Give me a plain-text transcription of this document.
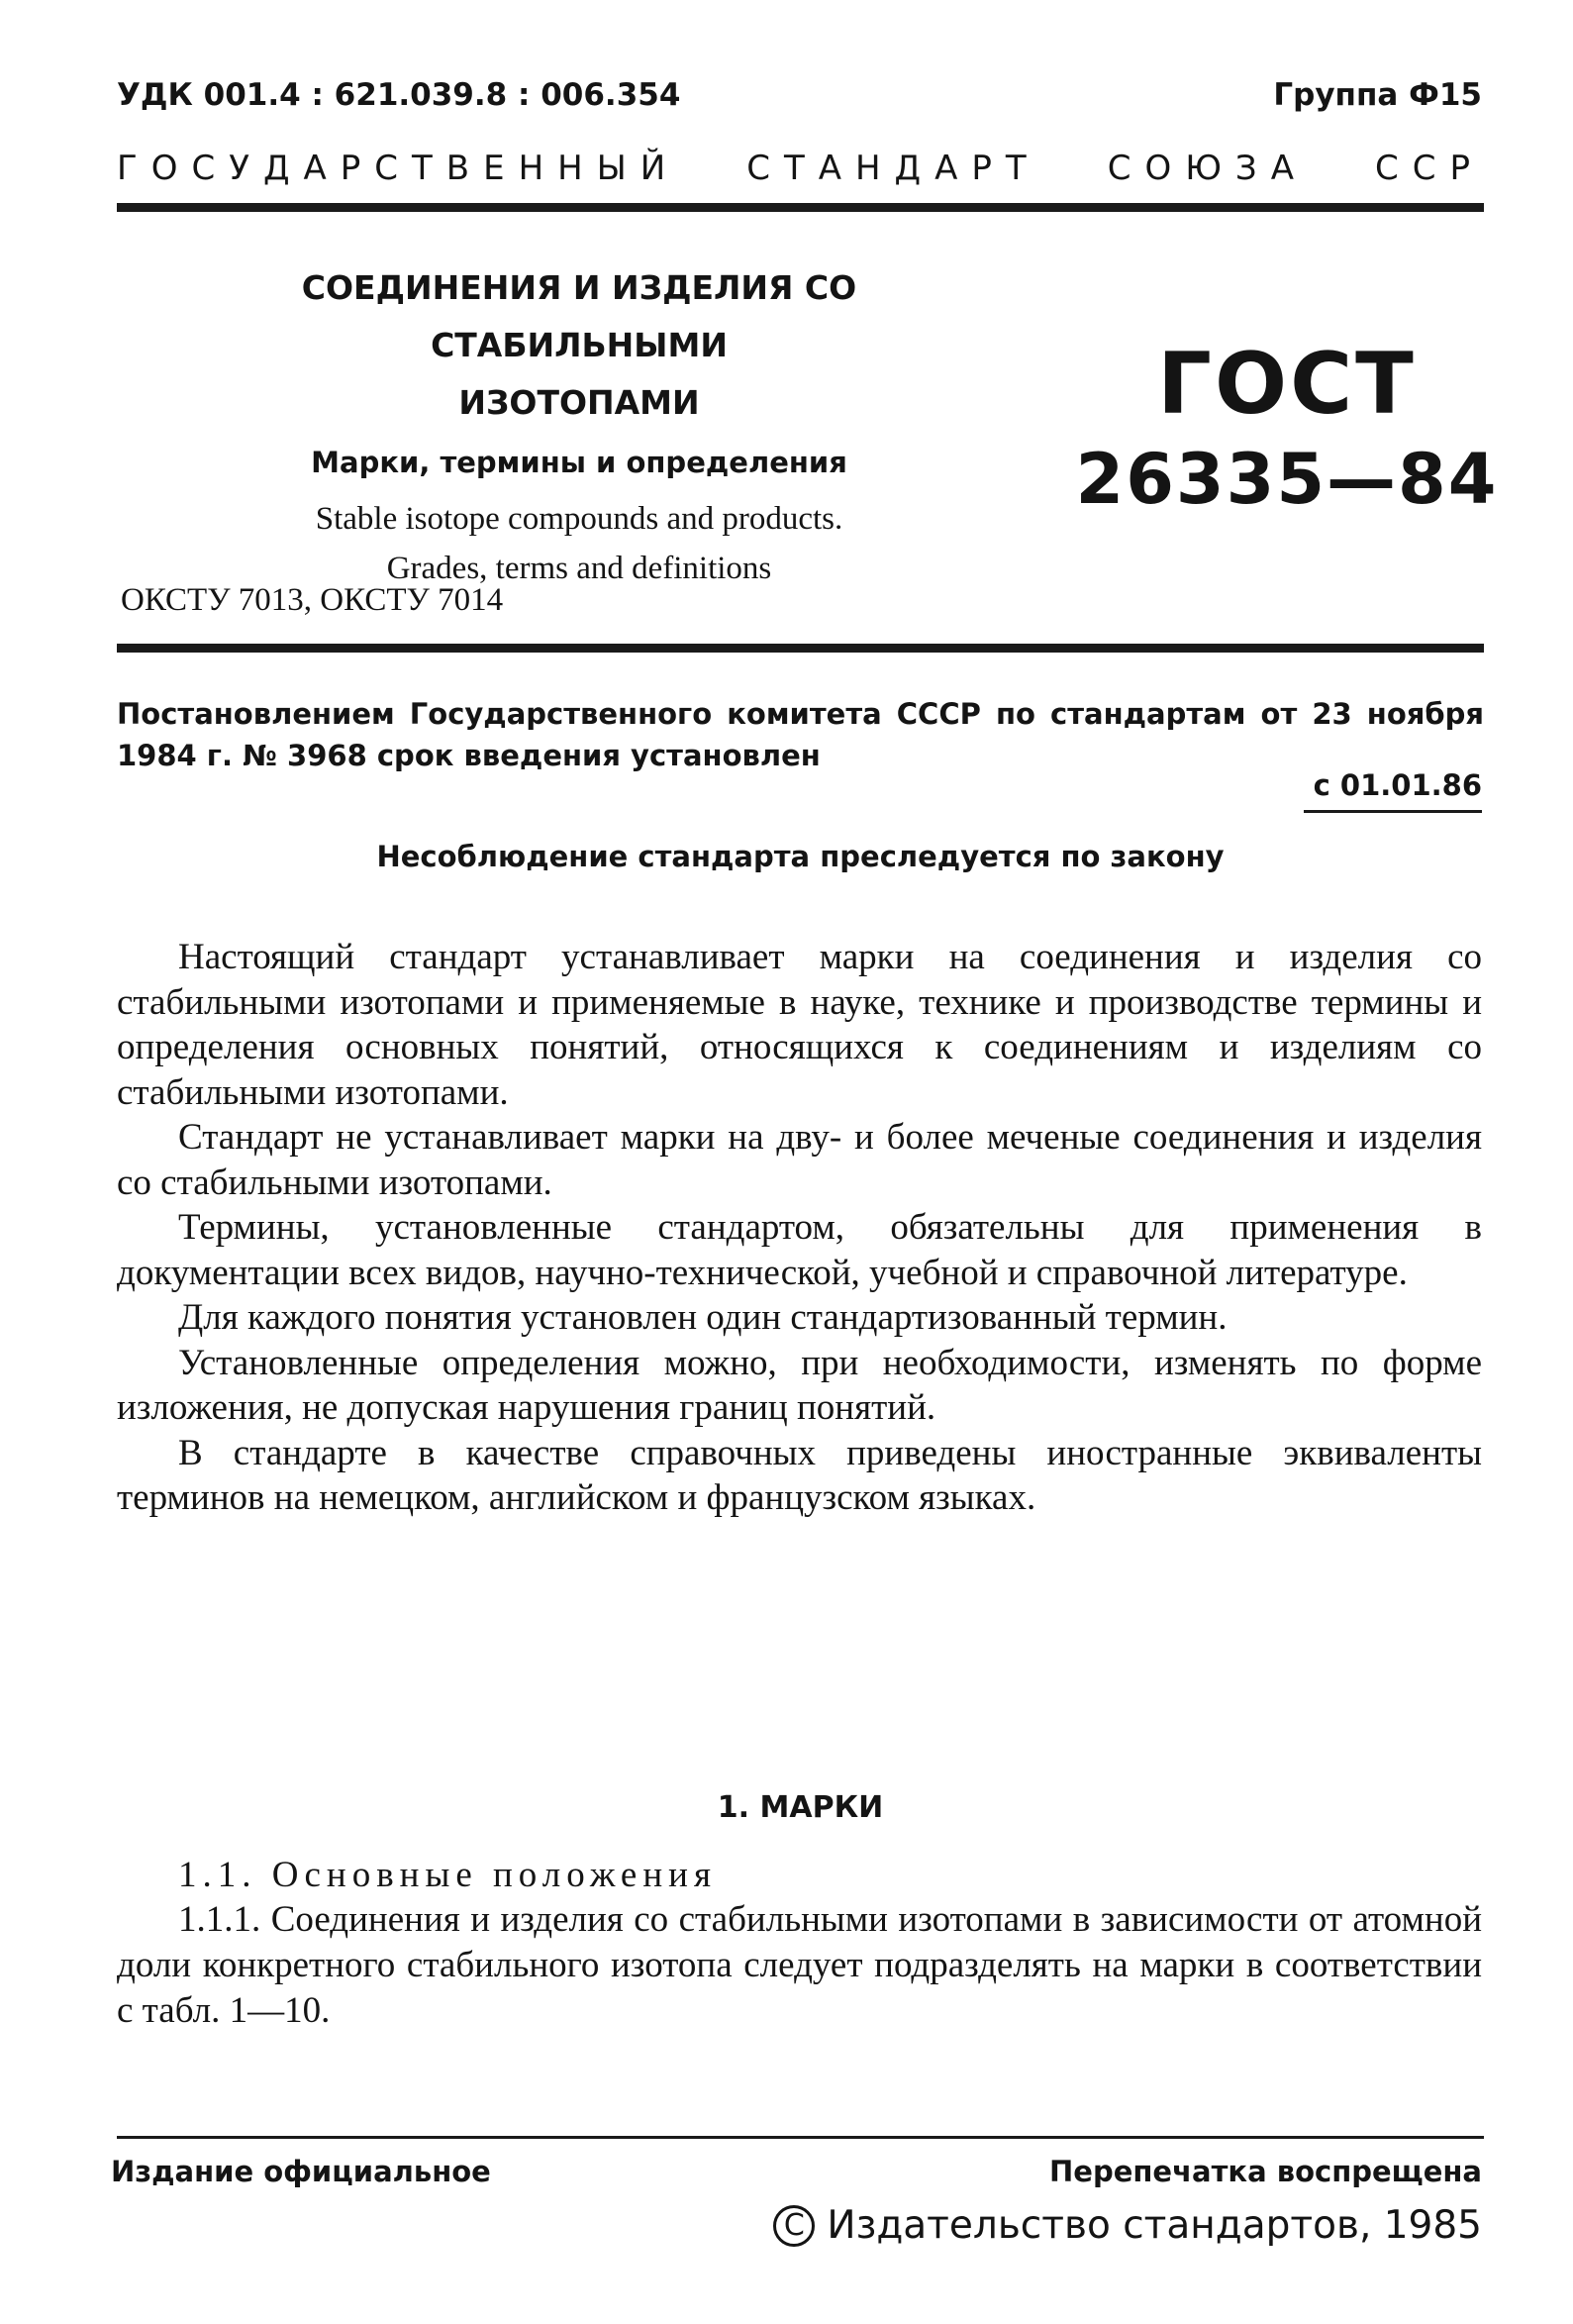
УДК 001.4 : 621.039.8 : 006.354	Группа Ф15
ГОСУДАРСТВЕННЫЙ СТАНДАРТ СОЮЗА ССР
СОЕДИНЕНИЯ И ИЗДЕЛИЯ СО СТАБИЛЬНЫМИ
ИЗОТОПАМИ
Марки, термины и определения
Stable isotope compounds and products.
Grades, terms and definitions
ГОСТ
26335—84
ОКСТУ 7013, ОКСТУ 7014
Постановлением Государственного комитета СССР по стандартам от 23 ноября 1984 г. № 3968 срок введения установлен
с 01.01.86
Несоблюдение стандарта преследуется по закону

Настоящий стандарт устанавливает марки на соединения и изделия со стабильными изотопами и применяемые в науке, технике и производстве термины и определения основных понятий, относящихся к соединениям и изделиям со стабильными изотопами.

Стандарт не устанавливает марки на дву- и более меченые соединения и изделия со стабильными изотопами.

Термины, установленные стандартом, обязательны для применения в документации всех видов, научно-технической, учебной и справочной литературе.

Для каждого понятия установлен один стандартизованный термин.

Установленные определения можно, при необходимости, изменять по форме изложения, не допуская нарушения границ понятий.

В стандарте в качестве справочных приведены иностранные эквиваленты терминов на немецком, английском и французском языках.

1. МАРКИ
1.1. Основные положения

1.1.1. Соединения и изделия со стабильными изотопами в зависимости от атомной доли конкретного стабильного изотопа следует подразделять на марки в соответствии с табл. 1—10.

Издание официальное	Перепечатка воспрещена
C Издательство стандартов, 1985
